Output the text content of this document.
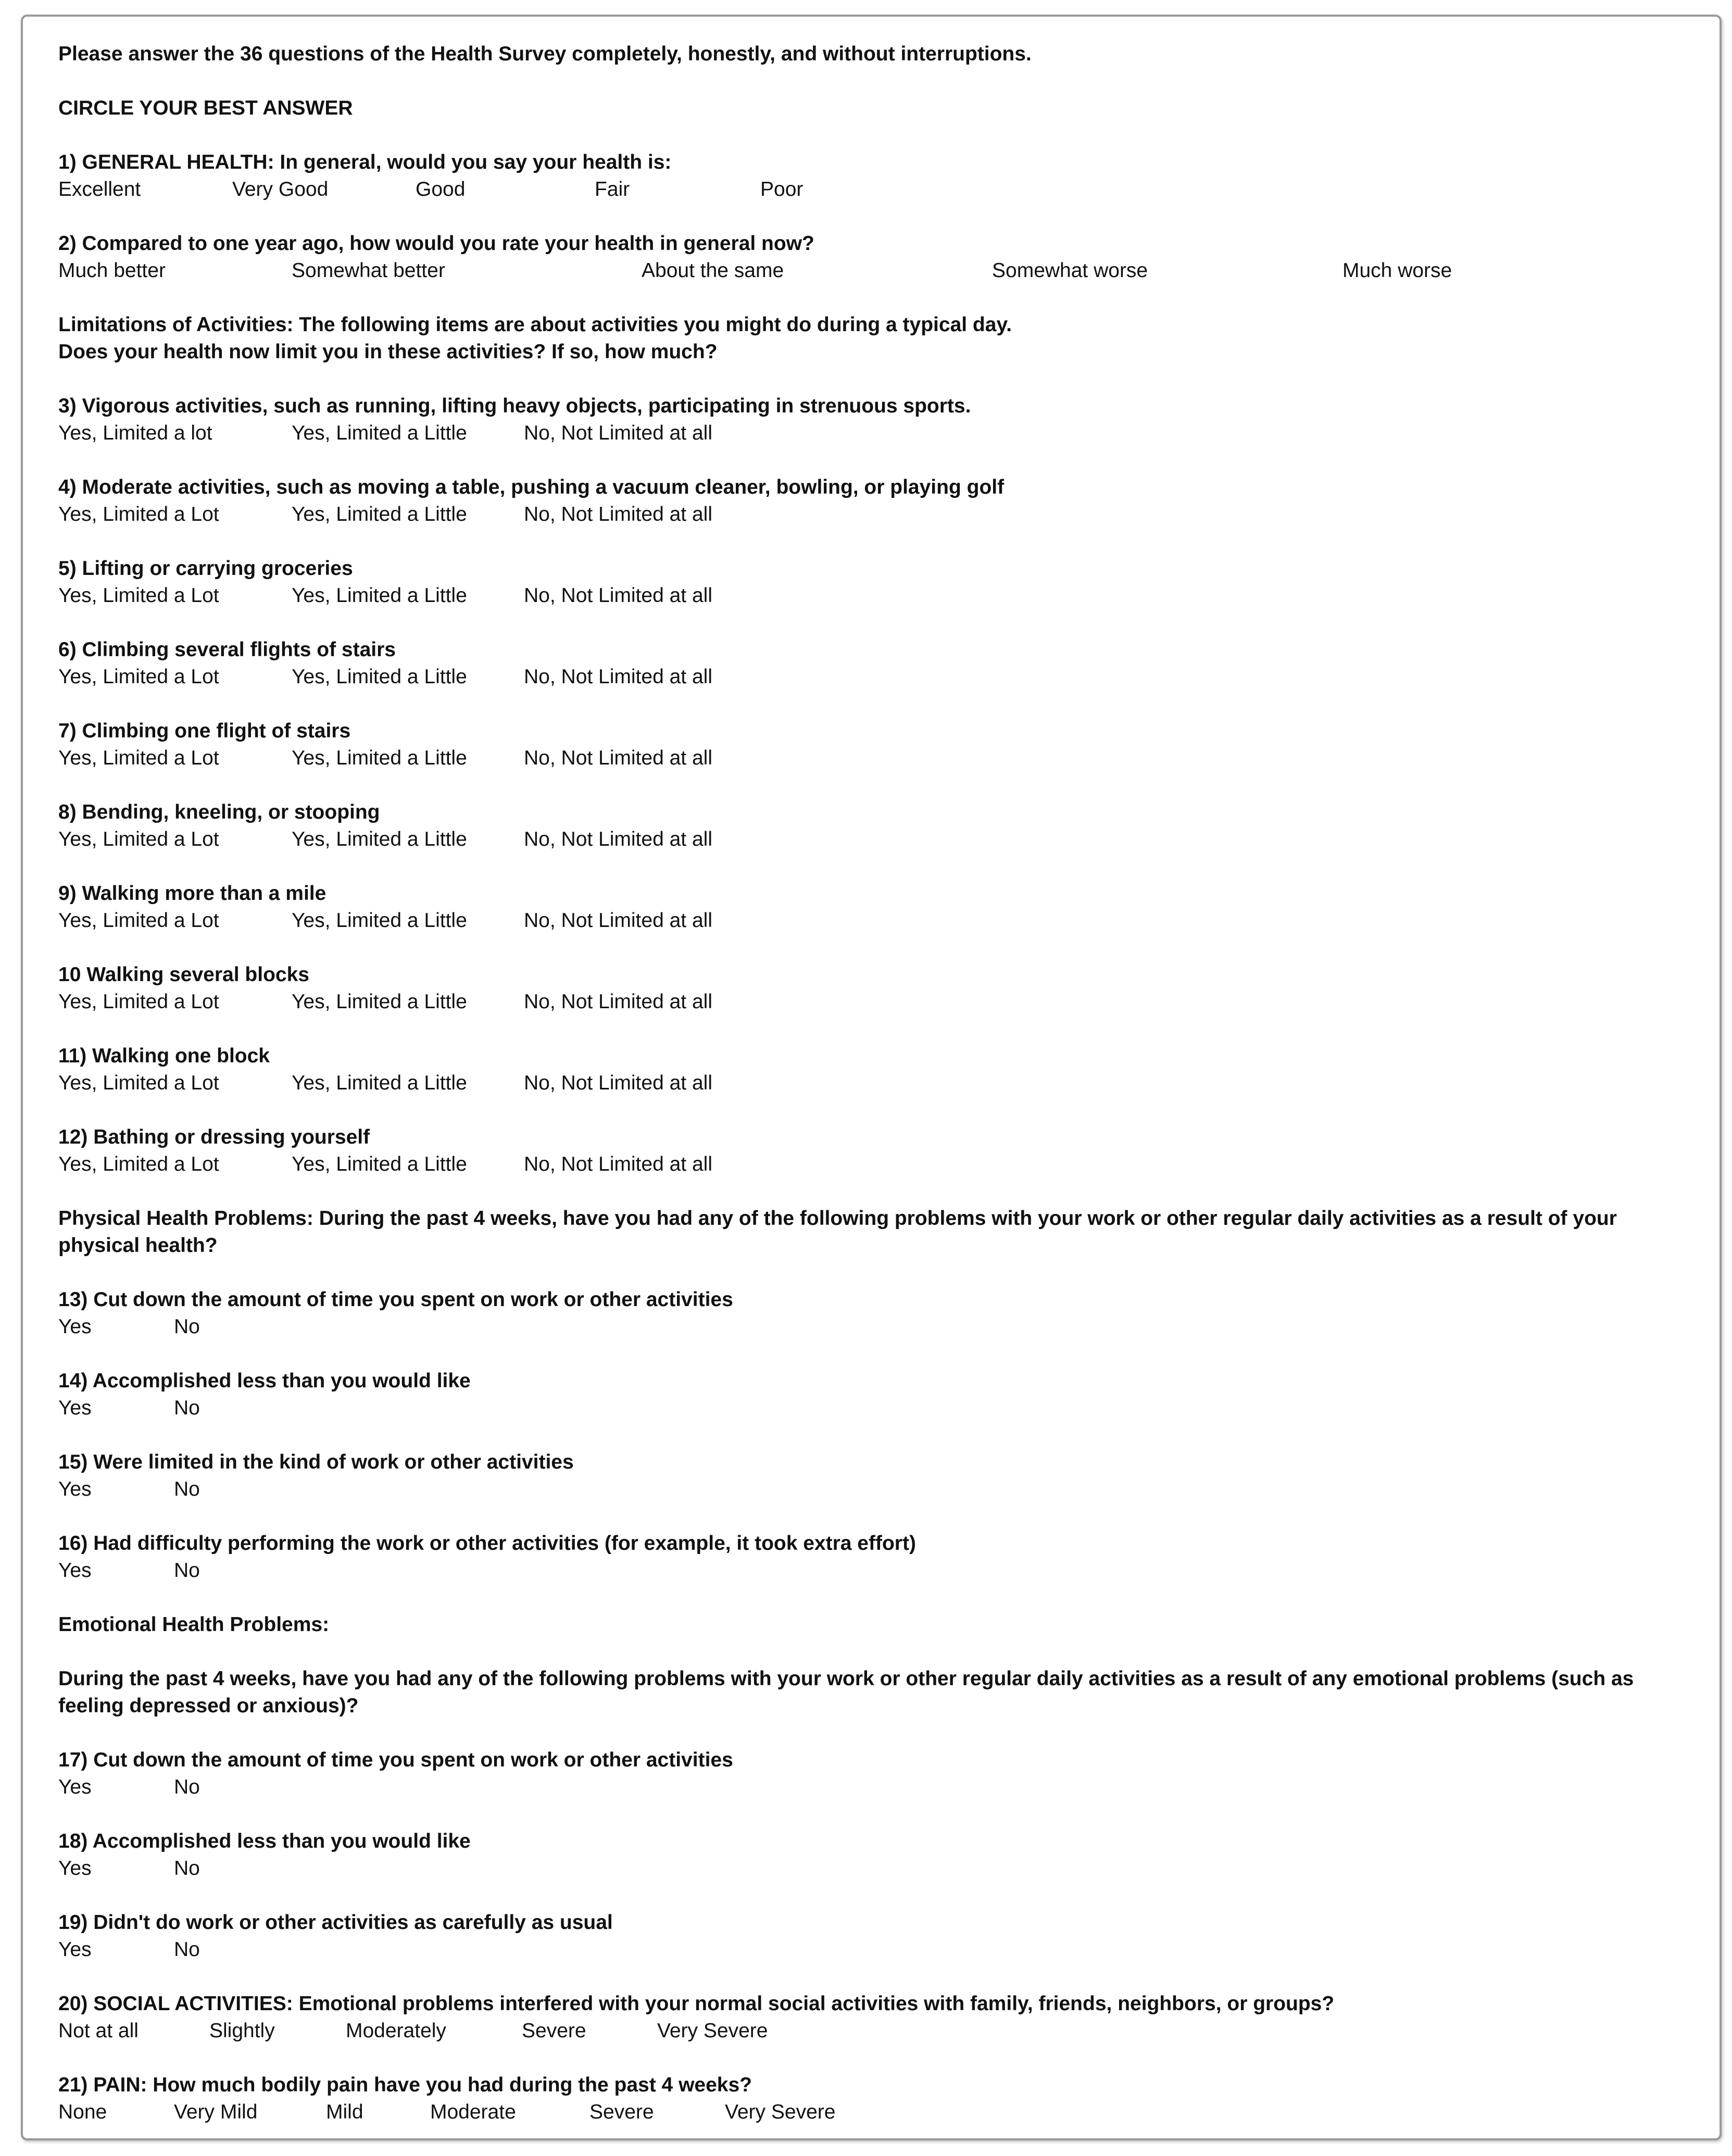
Please answer the 36 questions of the Health Survey completely, honestly, and without interruptions.
CIRCLE YOUR BEST ANSWER
1) GENERAL HEALTH: In general, would you say your health is:
Excellent	Very Good	Good	Fair	Poor
2) Compared to one year ago, how would you rate your health in general now?
Much better	Somewhat better	About the same	Somewhat worse	Much worse
Limitations of Activities: The following items are about activities you might do during a typical day.
Does your health now limit you in these activities? If so, how much?
3) Vigorous activities, such as running, lifting heavy objects, participating in strenuous sports.
Yes, Limited a lot	Yes, Limited a Little	No, Not Limited at all
4) Moderate activities, such as moving a table, pushing a vacuum cleaner, bowling, or playing golf
Yes, Limited a Lot	Yes, Limited a Little	No, Not Limited at all
5) Lifting or carrying groceries
Yes, Limited a Lot	Yes, Limited a Little	No, Not Limited at all
6) Climbing several flights of stairs
Yes, Limited a Lot	Yes, Limited a Little	No, Not Limited at all
7) Climbing one flight of stairs
Yes, Limited a Lot	Yes, Limited a Little	No, Not Limited at all
8) Bending, kneeling, or stooping
Yes, Limited a Lot	Yes, Limited a Little	No, Not Limited at all
9) Walking more than a mile
Yes, Limited a Lot	Yes, Limited a Little	No, Not Limited at all
10 Walking several blocks
Yes, Limited a Lot	Yes, Limited a Little	No, Not Limited at all
11) Walking one block
Yes, Limited a Lot	Yes, Limited a Little	No, Not Limited at all
12) Bathing or dressing yourself
Yes, Limited a Lot	Yes, Limited a Little	No, Not Limited at all
Physical Health Problems: During the past 4 weeks, have you had any of the following problems with your work or other regular daily activities as a result of your physical health?
13) Cut down the amount of time you spent on work or other activities
Yes	No
14) Accomplished less than you would like
Yes	No
15) Were limited in the kind of work or other activities
Yes	No
16) Had difficulty performing the work or other activities (for example, it took extra effort)
Yes	No
Emotional Health Problems:
During the past 4 weeks, have you had any of the following problems with your work or other regular daily activities as a result of any emotional problems (such as feeling depressed or anxious)?
17) Cut down the amount of time you spent on work or other activities
Yes	No
18) Accomplished less than you would like
Yes	No
19) Didn't do work or other activities as carefully as usual
Yes	No
20) SOCIAL ACTIVITIES: Emotional problems interfered with your normal social activities with family, friends, neighbors, or groups?
Not at all	Slightly	Moderately	Severe	Very Severe
21) PAIN: How much bodily pain have you had during the past 4 weeks?
None	Very Mild	Mild	Moderate	Severe	Very Severe
